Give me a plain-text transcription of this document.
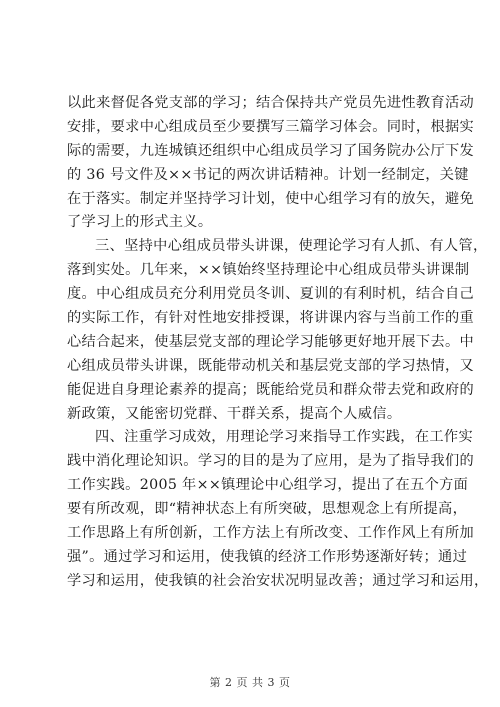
以此来督促各党支部的学习；结合保持共产党员先进性教育活动
安排，要求中心组成员至少要撰写三篇学习体会。同时，根据实
际的需要，九连城镇还组织中心组成员学习了国务院办公厅下发
的 36 号文件及××书记的两次讲话精神。计划一经制定，关键
在于落实。制定并坚持学习计划，使中心组学习有的放矢，避免
了学习上的形式主义。
三、坚持中心组成员带头讲课，使理论学习有人抓、有人管，
落到实处。几年来，××镇始终坚持理论中心组成员带头讲课制
度。中心组成员充分利用党员冬训、夏训的有利时机，结合自己
的实际工作，有针对性地安排授课，将讲课内容与当前工作的重
心结合起来，使基层党支部的理论学习能够更好地开展下去。中
心组成员带头讲课，既能带动机关和基层党支部的学习热情，又
能促进自身理论素养的提高；既能给党员和群众带去党和政府的
新政策，又能密切党群、干群关系，提高个人威信。
四、注重学习成效，用理论学习来指导工作实践，在工作实
践中消化理论知识。学习的目的是为了应用，是为了指导我们的
工作实践。2005 年××镇理论中心组学习，提出了在五个方面
要有所改观，即“精神状态上有所突破，思想观念上有所提高，
工作思路上有所创新，工作方法上有所改变、工作作风上有所加
强”。通过学习和运用，使我镇的经济工作形势逐渐好转；通过
学习和运用，使我镇的社会治安状况明显改善；通过学习和运用，
第 2 页 共 3 页
